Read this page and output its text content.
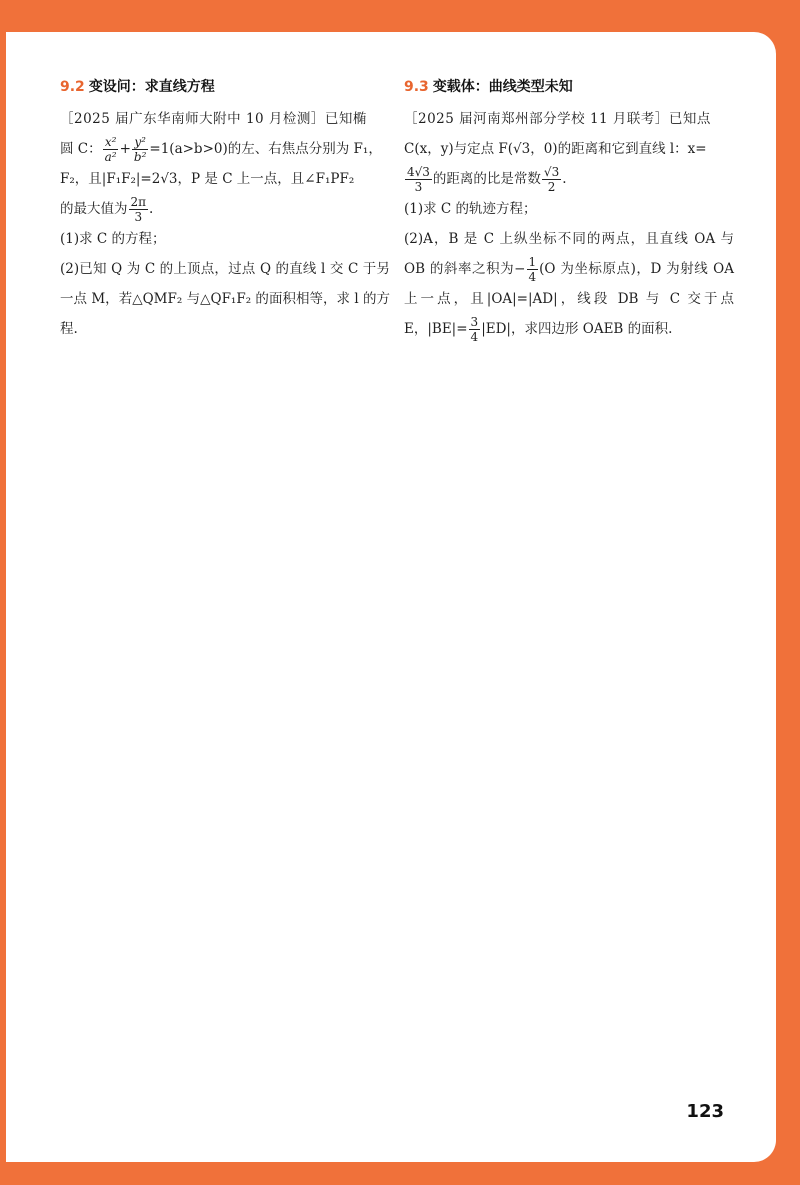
9.2 变设问：求直线方程

［2025 届广东华南师大附中 10 月检测］已知椭

圆 C： $\frac{\text{x²}}{\text{a²}} + \frac{\text{y²}}{\text{b²}} =1(a>b>0)$的左、右焦点分别为 F₁，

F₂，且|F₁F₂|=2√3，P 是 C 上一点，且∠F₁PF₂

的最大值为 $\frac{2\pi}{3}$ .

(1)求 C 的方程；

(2)已知 Q 为 C 的上顶点，过点 Q 的直线 l 交 C 于另一点 M，若△QMF₂ 与△QF₁F₂ 的面积相等，求 l 的方程.

9.3 变载体：曲线类型未知

［2025 届河南郑州部分学校 11 月联考］已知点

C(x，y)与定点 F(√3，0)的距离和它到直线 l：x=

$\frac{4√3}{3}$ 的距离的比是常数 $\frac{√3}{2}$ .

(1)求 C 的轨迹方程；

(2)A，B 是 C 上纵坐标不同的两点，且直线 OA 与 OB 的斜率之积为− $\frac{1}{4} (O$ 为坐标原点)，D 为射线 OA 上一点，且|OA|=|AD|，线段 DB 与 C 交于点 E，$|BE|= \frac{3}{4} |ED|$，求四边形 OAEB 的面积.

123
